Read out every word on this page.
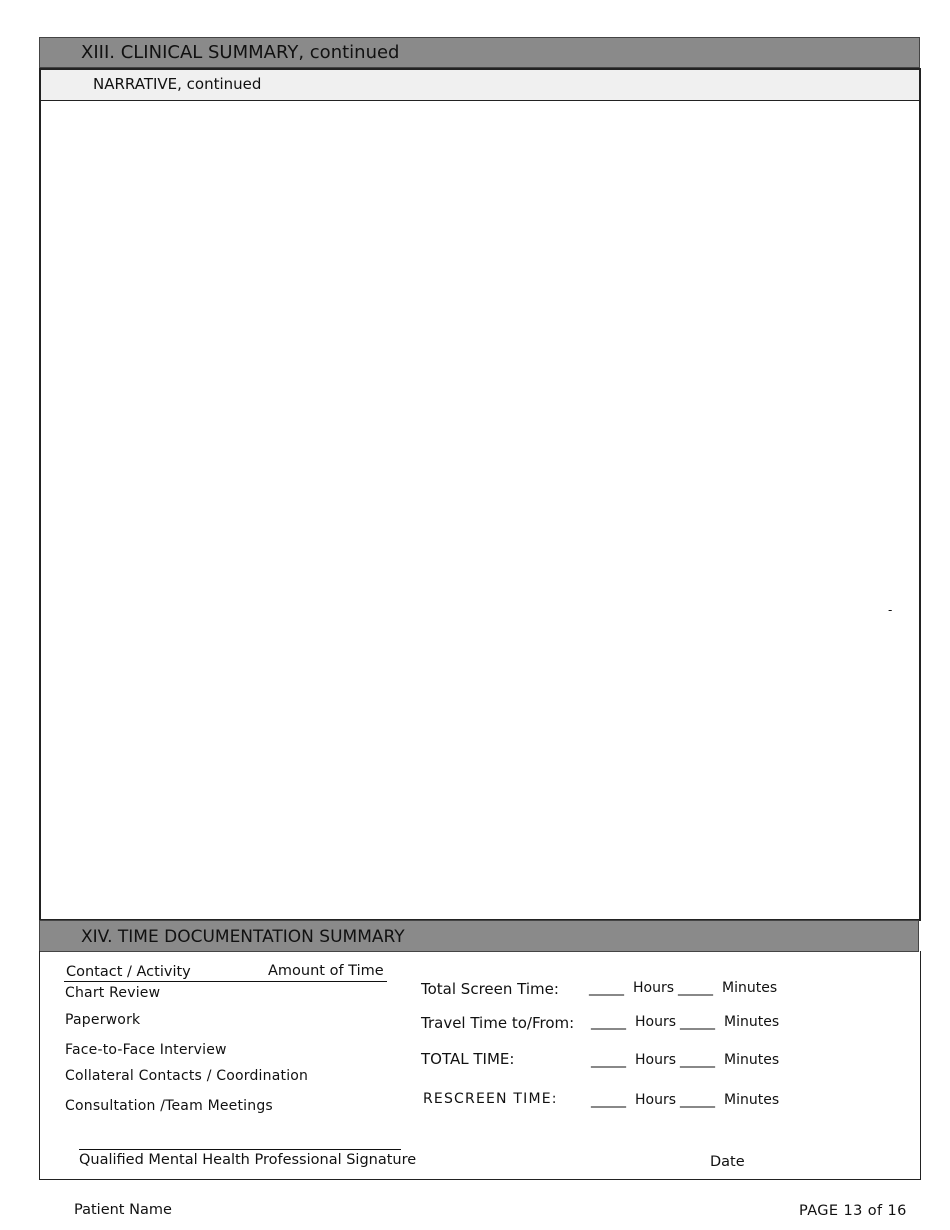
XIII. CLINICAL SUMMARY, continued
NARRATIVE, continued
-
XIV. TIME DOCUMENTATION SUMMARY
Contact / Activity	Amount of Time
Chart Review
Paperwork
Face-to-Face Interview
Collateral Contacts / Coordination
Consultation /Team Meetings
Total Screen Time: _____ Hours _____ Minutes
Travel Time to/From: _____ Hours _____ Minutes
TOTAL TIME:	_____ Hours _____ Minutes
RESCREEN TIME: _____ Hours _____ Minutes
Qualified Mental Health Professional Signature	Date
Patient Name	PAGE 13 of 16
